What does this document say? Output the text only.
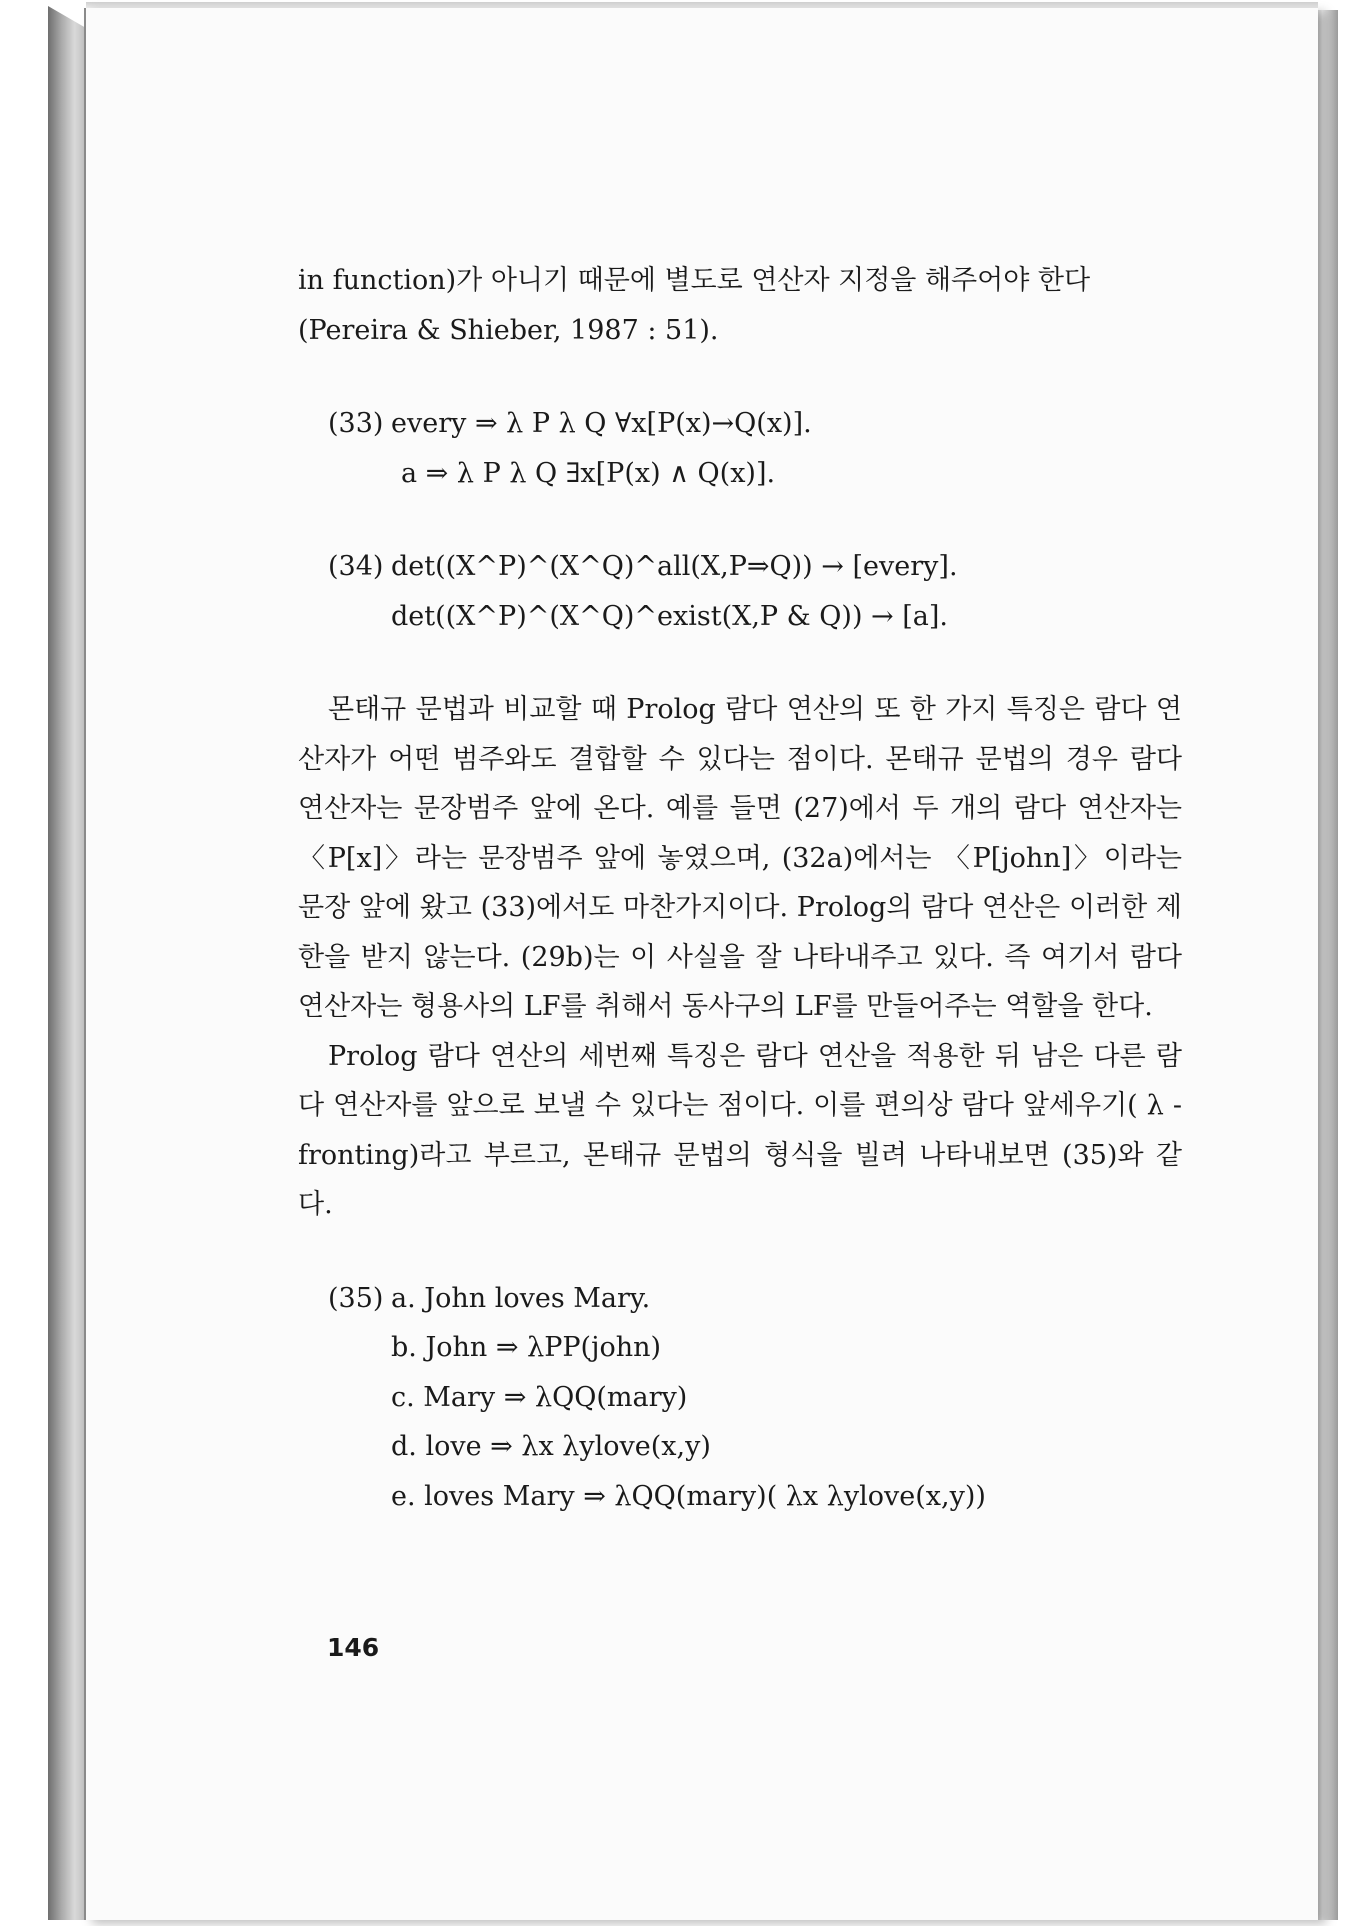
in function)가 아니기 때문에 별도로 연산자 지정을 해주어야 한다

(Pereira & Shieber, 1987 : 51).

(33) every ⇒ λ P λ Q ∀x[P(x)→Q(x)].
a ⇒ λ P λ Q ∃x[P(x) ∧ Q(x)].
(34) det((X^P)^(X^Q)^all(X,P⇒Q)) → [every].
det((X^P)^(X^Q)^exist(X,P & Q)) → [a].

몬태규 문법과 비교할 때 Prolog 람다 연산의 또 한 가지 특징은 람다 연산자가 어떤 범주와도 결합할 수 있다는 점이다. 몬태규 문법의 경우 람다 연산자는 문장범주 앞에 온다. 예를 들면 (27)에서 두 개의 람다 연산자는 〈P[x]〉라는 문장범주 앞에 놓였으며, (32a)에서는 〈P[john]〉이라는 문장 앞에 왔고 (33)에서도 마찬가지이다. Prolog의 람다 연산은 이러한 제한을 받지 않는다. (29b)는 이 사실을 잘 나타내주고 있다. 즉 여기서 람다 연산자는 형용사의 LF를 취해서 동사구의 LF를 만들어주는 역할을 한다.

Prolog 람다 연산의 세번째 특징은 람다 연산을 적용한 뒤 남은 다른 람다 연산자를 앞으로 보낼 수 있다는 점이다. 이를 편의상 람다 앞세우기( λ - fronting)라고 부르고, 몬태규 문법의 형식을 빌려 나타내보면 (35)와 같다.

(35) a. John loves Mary.
b. John ⇒ λPP(john)
c. Mary ⇒ λQQ(mary)
d. love ⇒ λx λylove(x,y)
e. loves Mary ⇒ λQQ(mary)( λx λylove(x,y))
146
